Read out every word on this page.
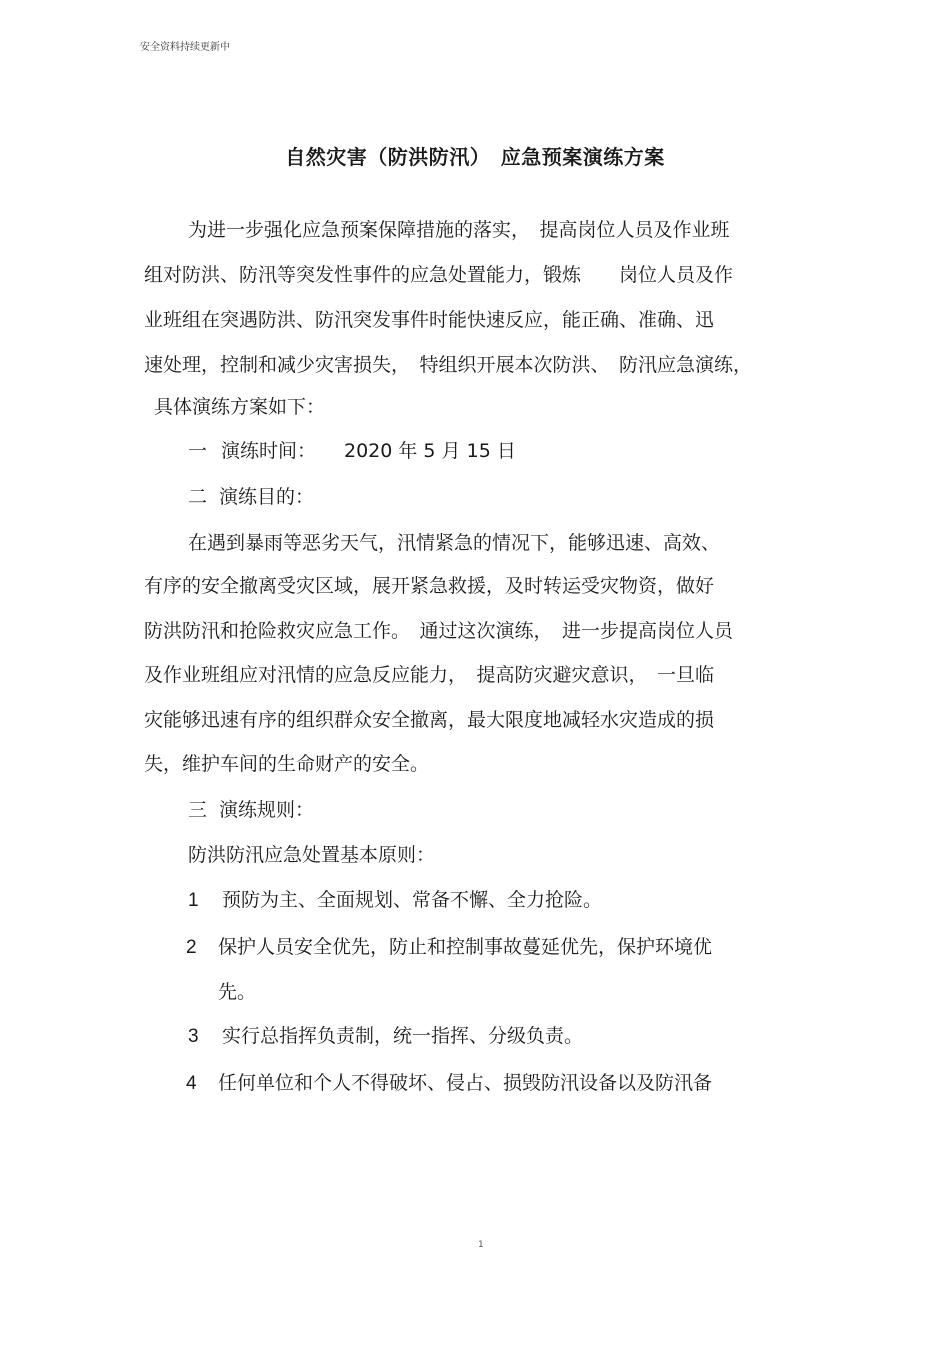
安全资料持续更新中
自然灾害（防洪防汛）　应急预案演练方案
为进一步强化应急预案保障措施的落实，　提高岗位人员及作业班
组对防洪、防汛等突发性事件的应急处置能力，锻炼　　岗位人员及作
业班组在突遇防洪、防汛突发事件时能快速反应，能正确、准确、迅
速处理，控制和减少灾害损失，　特组织开展本次防洪、　防汛应急演练，
具体演练方案如下：
一 演练时间： 2020 年 5 月 15 日
二 演练目的：
在遇到暴雨等恶劣天气，汛情紧急的情况下，能够迅速、高效、
有序的安全撤离受灾区域，展开紧急救援，及时转运受灾物资，做好
防洪防汛和抢险救灾应急工作。　通过这次演练，　进一步提高岗位人员
及作业班组应对汛情的应急反应能力，　提高防灾避灾意识，　一旦临
灾能够迅速有序的组织群众安全撤离，最大限度地减轻水灾造成的损
失，维护车间的生命财产的安全。
三 演练规则：
防洪防汛应急处置基本原则：
1 预防为主、全面规划、常备不懈、全力抢险。
2 保护人员安全优先，防止和控制事故蔓延优先，保护环境优
先。
3 实行总指挥负责制，统一指挥、分级负责。
4 任何单位和个人不得破坏、侵占、损毁防汛设备以及防汛备
1
